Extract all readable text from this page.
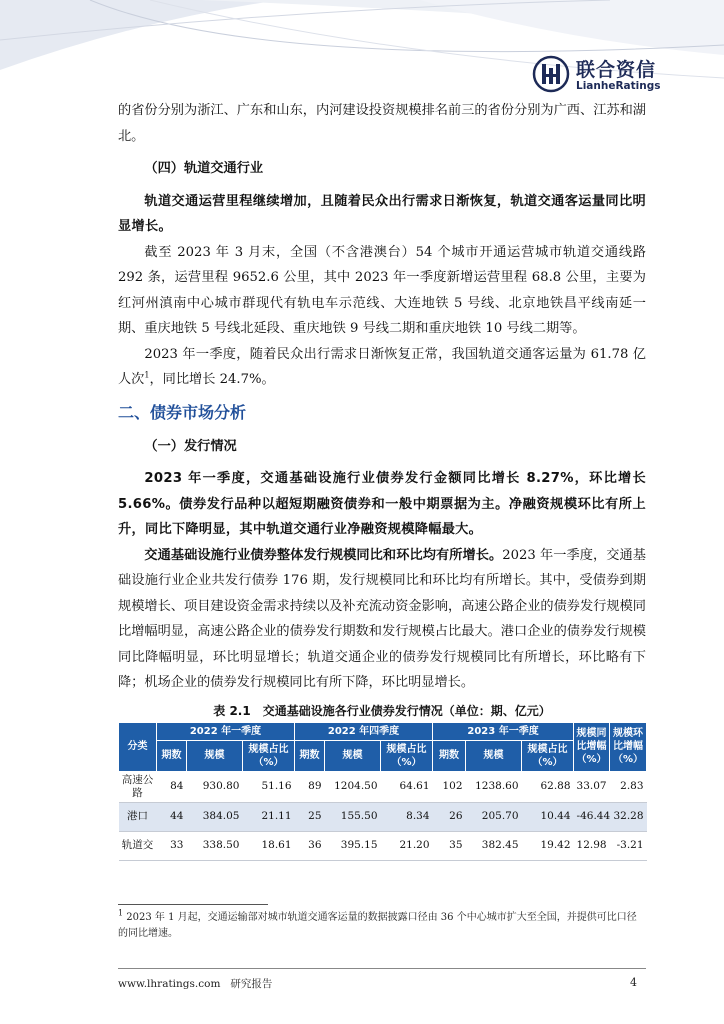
联合资信
LianheRatings

的省份分别为浙江、广东和山东，内河建设投资规模排名前三的省份分别为广西、江苏和湖北。

（四）轨道交通行业

轨道交通运营里程继续增加，且随着民众出行需求日渐恢复，轨道交通客运量同比明显增长。

截至 2023 年 3 月末，全国（不含港澳台）54 个城市开通运营城市轨道交通线路 292 条，运营里程 9652.6 公里，其中 2023 年一季度新增运营里程 68.8 公里，主要为红河州滇南中心城市群现代有轨电车示范线、大连地铁 5 号线、北京地铁昌平线南延一期、重庆地铁 5 号线北延段、重庆地铁 9 号线二期和重庆地铁 10 号线二期等。

2023 年一季度，随着民众出行需求日渐恢复正常，我国轨道交通客运量为 61.78 亿人次$^1$，同比增长 24.7%。

二、债券市场分析
（一）发行情况

2023 年一季度，交通基础设施行业债券发行金额同比增长 8.27%，环比增长 5.66%。债券发行品种以超短期融资债券和一般中期票据为主。净融资规模环比有所上升，同比下降明显，其中轨道交通行业净融资规模降幅最大。

交通基础设施行业债券整体发行规模同比和环比均有所增长。2023 年一季度，交通基础设施行业企业共发行债券 176 期，发行规模同比和环比均有所增长。其中，受债券到期规模增长、项目建设资金需求持续以及补充流动资金影响，高速公路企业的债券发行规模同比增幅明显，高速公路企业的债券发行期数和发行规模占比最大。港口企业的债券发行规模同比降幅明显，环比明显增长；轨道交通企业的债券发行规模同比有所增长，环比略有下降；机场企业的债券发行规模同比有所下降，环比明显增长。

表 2.1　交通基础设施各行业债券发行情况（单位：期、亿元）
分类	2022 年一季度			2022 年四季度			2023 年一季度			规模同比增幅（%）	规模环比增幅（%）
	期数	规模	规模占比（%）	期数	规模	规模占比（%）	期数	规模	规模占比（%）		
高速公路	84	930.80	51.16	89	1204.50	64.61	102	1238.60	62.88	33.07	2.83
港口	44	384.05	21.11	25	155.50	8.34	26	205.70	10.44	-46.44	32.28
轨道交	33	338.50	18.61	36	395.15	21.20	35	382.45	19.42	12.98	-3.21
$^1$ 2023 年 1 月起，交通运输部对城市轨道交通客运量的数据披露口径由 36 个中心城市扩大至全国，并提供可比口径的同比增速。
www.lhratings.com 研究报告	4
